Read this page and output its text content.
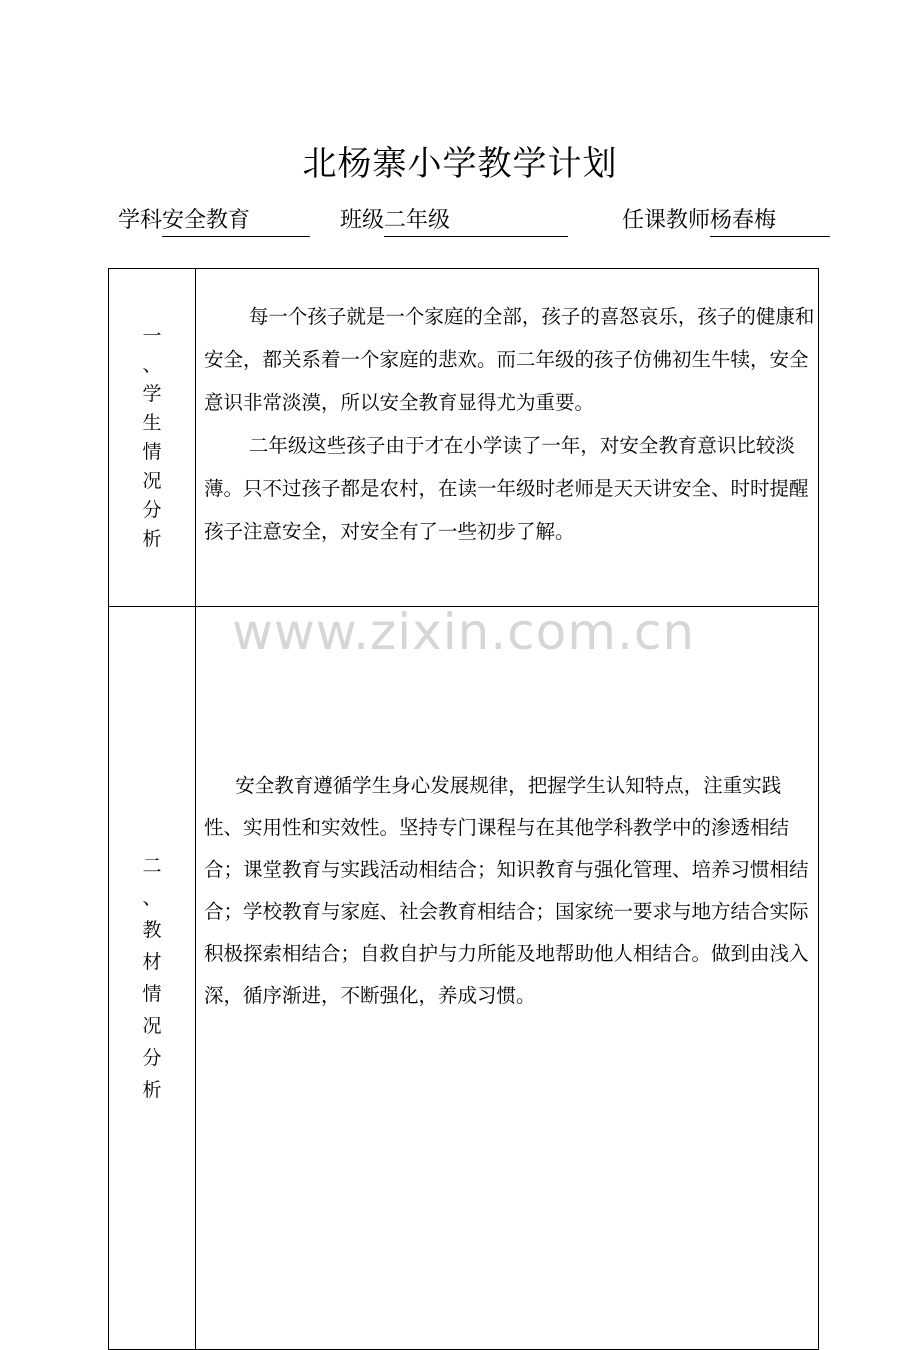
北杨寨小学教学计划
学科安全教育	班级二年级	任课教师杨春梅
一、学生情况分析	每一个孩子就是一个家庭的全部，孩子的喜怒哀乐，孩子的健康和安全，都关系着一个家庭的悲欢。而二年级的孩子仿佛初生牛犊，安全意识非常淡漠，所以安全教育显得尤为重要。

二年级这些孩子由于才在小学读了一年，对安全教育意识比较淡薄。只不过孩子都是农村，在读一年级时老师是天天讲安全、时时提醒孩子注意安全，对安全有了一些初步了解。

二、教材情况分析	安全教育遵循学生身心发展规律，把握学生认知特点，注重实践性、实用性和实效性。坚持专门课程与在其他学科教学中的渗透相结合；课堂教育与实践活动相结合；知识教育与强化管理、培养习惯相结合；学校教育与家庭、社会教育相结合；国家统一要求与地方结合实际积极探索相结合；自救自护与力所能及地帮助他人相结合。做到由浅入深，循序渐进，不断强化，养成习惯。

www.zixin.com.cn
